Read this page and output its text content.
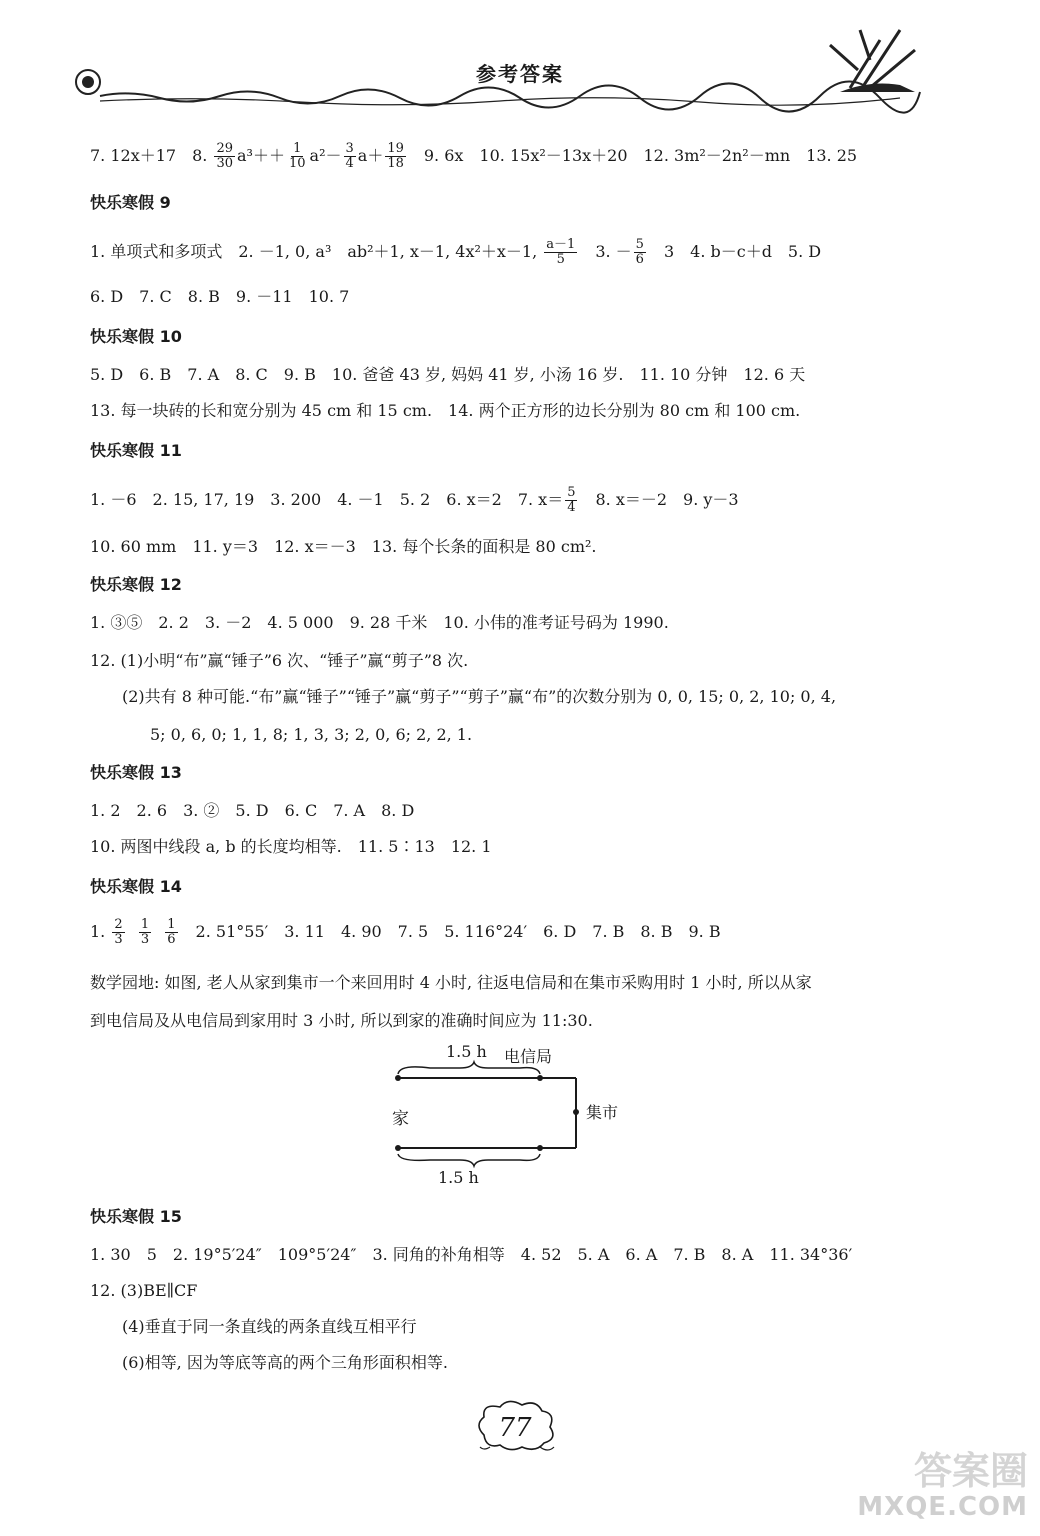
参考答案
7. 12x＋17　8. $\frac{29}{30} a^3++ \frac{1}{10} a^2- \frac{3}{4} a+ \frac{19}{18}$ 　9. 6x　10. 15x²－13x＋20　12. 3m²－2n²－mn　13. 25
快乐寒假 9
1. 单项式和多项式　2. －1, 0, a³　ab²＋1, x－1, 4x²＋x－1, $\frac{a-1}{5}$ 　3. － $\frac{5}{6}$ 　3　4. b－c＋d　5. D
6. D　7. C　8. B　9. －11　10. 7
快乐寒假 10
5. D　6. B　7. A　8. C　9. B　10. 爸爸 43 岁, 妈妈 41 岁, 小汤 16 岁.　11. 10 分钟　12. 6 天
13. 每一块砖的长和宽分别为 45 cm 和 15 cm.　14. 两个正方形的边长分别为 80 cm 和 100 cm.
快乐寒假 11
1. －6　2. 15, 17, 19　3. 200　4. －1　5. 2　6. x＝2　7. $x= \frac{5}{4}$ 　8. x＝－2　9. y－3
10. 60 mm　11. y＝3　12. x＝－3　13. 每个长条的面积是 80 cm².
快乐寒假 12
1. ③⑤　2. 2　3. －2　4. 5 000　9. 28 千米　10. 小伟的准考证号码为 1990.
12. (1)小明“布”赢“锤子”6 次、“锤子”赢“剪子”8 次.
(2)共有 8 种可能.“布”赢“锤子”“锤子”赢“剪子”“剪子”赢“布”的次数分别为 0, 0, 15; 0, 2, 10; 0, 4,
5; 0, 6, 0; 1, 1, 8; 1, 3, 3; 2, 0, 6; 2, 2, 1.
快乐寒假 13
1. 2　2. 6　3. ②　5. D　6. C　7. A　8. D
10. 两图中线段 a, b 的长度均相等.　11. 5∶13　12. 1
快乐寒假 14
1. $\frac{2}{3}$
$\frac{1}{3}$
$\frac{1}{6}$ 　2. 51°55′　3. 11　4. 90　7. 5　5. 116°24′　6. D　7. B　8. B　9. B
数学园地: 如图, 老人从家到集市一个来回用时 4 小时, 往返电信局和在集市采购用时 1 小时, 所以从家
到电信局及从电信局到家用时 3 小时, 所以到家的准确时间应为 11:30.
1.5 h 电信局
家	集市
1.5 h
快乐寒假 15
1. 30　5　2. 19°5′24″　109°5′24″　3. 同角的补角相等　4. 52　5. A　6. A　7. B　8. A　11. 34°36′
12. (3)BE∥CF
(4)垂直于同一条直线的两条直线互相平行
(6)相等, 因为等底等高的两个三角形面积相等.
77
答案圈
MXQE.COM
